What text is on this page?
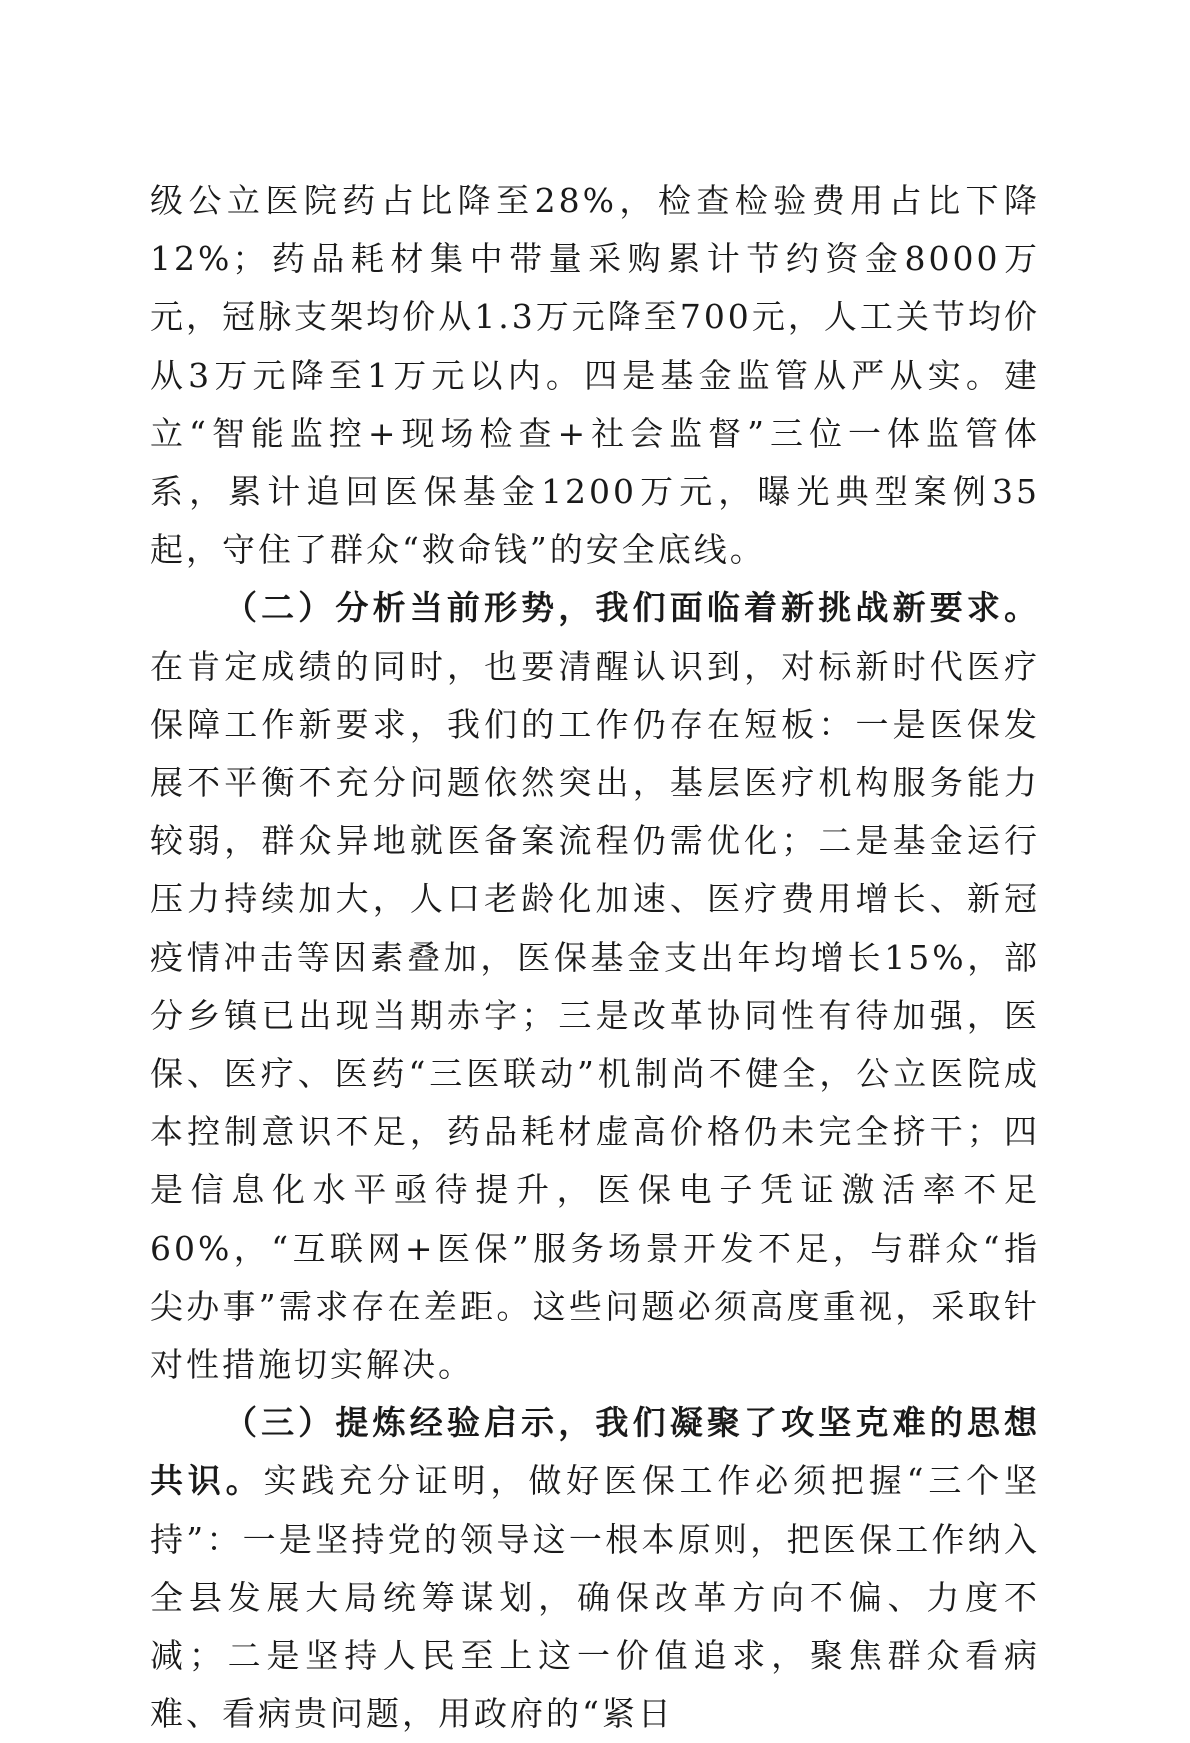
级公立医院药占比降至28%，检查检验费用占比下降12%；药品耗材集中带量采购累计节约资金8000万元，冠脉支架均价从1.3万元降至700元，人工关节均价从3万元降至1万元以内。四是基金监管从严从实。建立“智能监控+现场检查+社会监督”三位一体监管体系，累计追回医保基金1200万元，曝光典型案例35起，守住了群众“救命钱”的安全底线。

（二）分析当前形势，我们面临着新挑战新要求。在肯定成绩的同时，也要清醒认识到，对标新时代医疗保障工作新要求，我们的工作仍存在短板：一是医保发展不平衡不充分问题依然突出，基层医疗机构服务能力较弱，群众异地就医备案流程仍需优化；二是基金运行压力持续加大，人口老龄化加速、医疗费用增长、新冠疫情冲击等因素叠加，医保基金支出年均增长15%，部分乡镇已出现当期赤字；三是改革协同性有待加强，医保、医疗、医药“三医联动”机制尚不健全，公立医院成本控制意识不足，药品耗材虚高价格仍未完全挤干；四是信息化水平亟待提升，医保电子凭证激活率不足60%，“互联网+医保”服务场景开发不足，与群众“指尖办事”需求存在差距。这些问题必须高度重视，采取针对性措施切实解决。

（三）提炼经验启示，我们凝聚了攻坚克难的思想共识。实践充分证明，做好医保工作必须把握“三个坚持”：一是坚持党的领导这一根本原则，把医保工作纳入全县发展大局统筹谋划，确保改革方向不偏、力度不减；二是坚持人民至上这一价值追求，聚焦群众看病难、看病贵问题，用政府的“紧日
